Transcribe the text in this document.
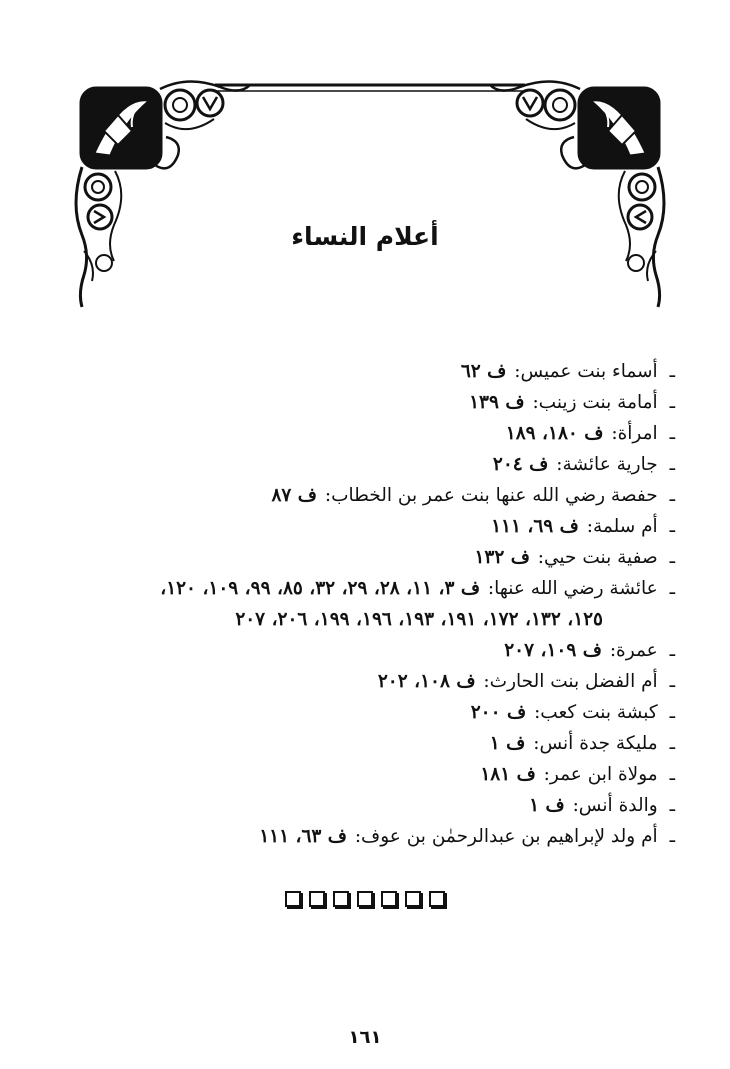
أعلام النساء
ـ أسماء بنت عميس: ف ٦٢
ـ أمامة بنت زينب: ف ١٣٩
ـ امرأة: ف ١٨٠، ١٨٩
ـ جارية عائشة: ف ٢٠٤
ـ حفصة رضي الله عنها بنت عمر بن الخطاب: ف ٨٧
ـ أم سلمة: ف ٦٩، ١١١
ـ صفية بنت حيي: ف ١٣٢
ـ عائشة رضي الله عنها: ف ٣، ١١، ٢٨، ٢٩، ٣٢، ٨٥، ٩٩، ١٠٩، ١٢٠،
١٢٥، ١٣٢، ١٧٢، ١٩١، ١٩٣، ١٩٦، ١٩٩، ٢٠٦، ٢٠٧
ـ عمرة: ف ١٠٩، ٢٠٧
ـ أم الفضل بنت الحارث: ف ١٠٨، ٢٠٢
ـ كبشة بنت كعب: ف ٢٠٠
ـ مليكة جدة أنس: ف ١
ـ مولاة ابن عمر: ف ١٨١
ـ والدة أنس: ف ١
ـ أم ولد لإبراهيم بن عبدالرحمٰن بن عوف: ف ٦٣، ١١١
١٦١
